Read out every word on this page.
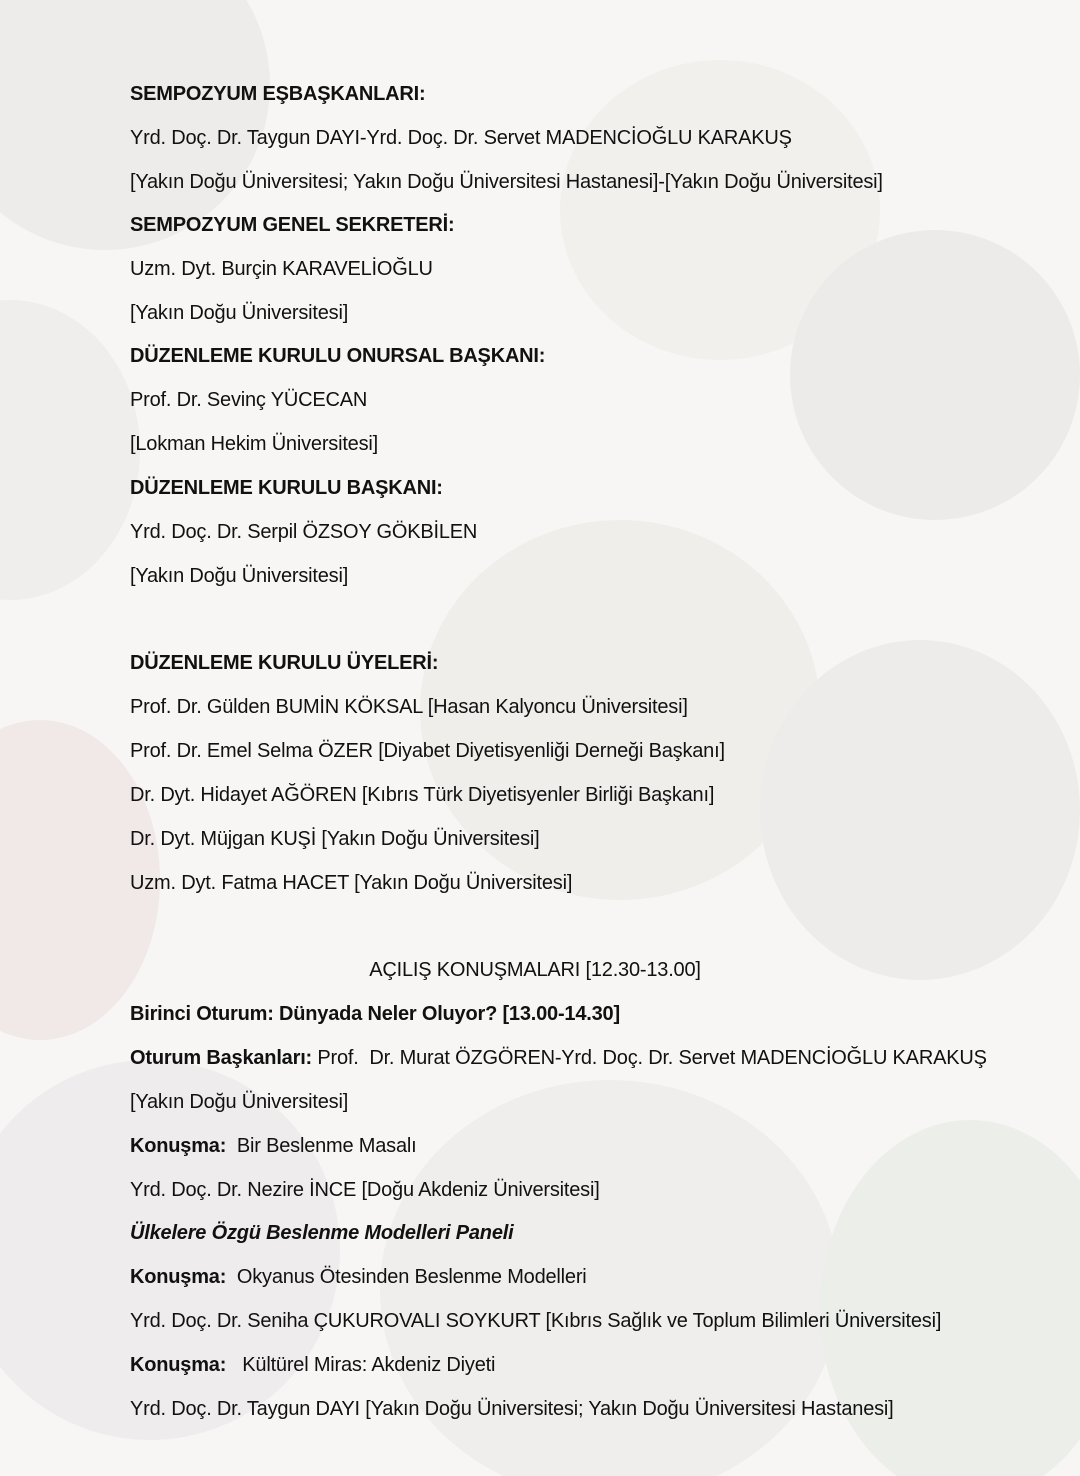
SEMPOZYUM EŞBAŞKANLARI:
Yrd. Doç. Dr. Taygun DAYI-Yrd. Doç. Dr. Servet MADENCİOĞLU KARAKUŞ
[Yakın Doğu Üniversitesi; Yakın Doğu Üniversitesi Hastanesi]-[Yakın Doğu Üniversitesi]
SEMPOZYUM GENEL SEKRETERİ:
Uzm. Dyt. Burçin KARAVELİOĞLU
[Yakın Doğu Üniversitesi]
DÜZENLEME KURULU ONURSAL BAŞKANI:
Prof. Dr. Sevinç YÜCECAN
[Lokman Hekim Üniversitesi]
DÜZENLEME KURULU BAŞKANI:
Yrd. Doç. Dr. Serpil ÖZSOY GÖKBİLEN
[Yakın Doğu Üniversitesi]
DÜZENLEME KURULU ÜYELERİ:
Prof. Dr. Gülden BUMİN KÖKSAL [Hasan Kalyoncu Üniversitesi]
Prof. Dr. Emel Selma ÖZER [Diyabet Diyetisyenliği Derneği Başkanı]
Dr. Dyt. Hidayet AĞÖREN [Kıbrıs Türk Diyetisyenler Birliği Başkanı]
Dr. Dyt. Müjgan KUŞİ [Yakın Doğu Üniversitesi]
Uzm. Dyt. Fatma HACET [Yakın Doğu Üniversitesi]
AÇILIŞ KONUŞMALARI [12.30-13.00]
Birinci Oturum: Dünyada Neler Oluyor? [13.00-14.30]
Oturum Başkanları: Prof.  Dr. Murat ÖZGÖREN-Yrd. Doç. Dr. Servet MADENCİOĞLU KARAKUŞ
[Yakın Doğu Üniversitesi]
Konuşma:  Bir Beslenme Masalı
Yrd. Doç. Dr. Nezire İNCE [Doğu Akdeniz Üniversitesi]
Ülkelere Özgü Beslenme Modelleri Paneli
Konuşma:  Okyanus Ötesinden Beslenme Modelleri
Yrd. Doç. Dr. Seniha ÇUKUROVALI SOYKURT [Kıbrıs Sağlık ve Toplum Bilimleri Üniversitesi]
Konuşma:   Kültürel Miras: Akdeniz Diyeti
Yrd. Doç. Dr. Taygun DAYI [Yakın Doğu Üniversitesi; Yakın Doğu Üniversitesi Hastanesi]
